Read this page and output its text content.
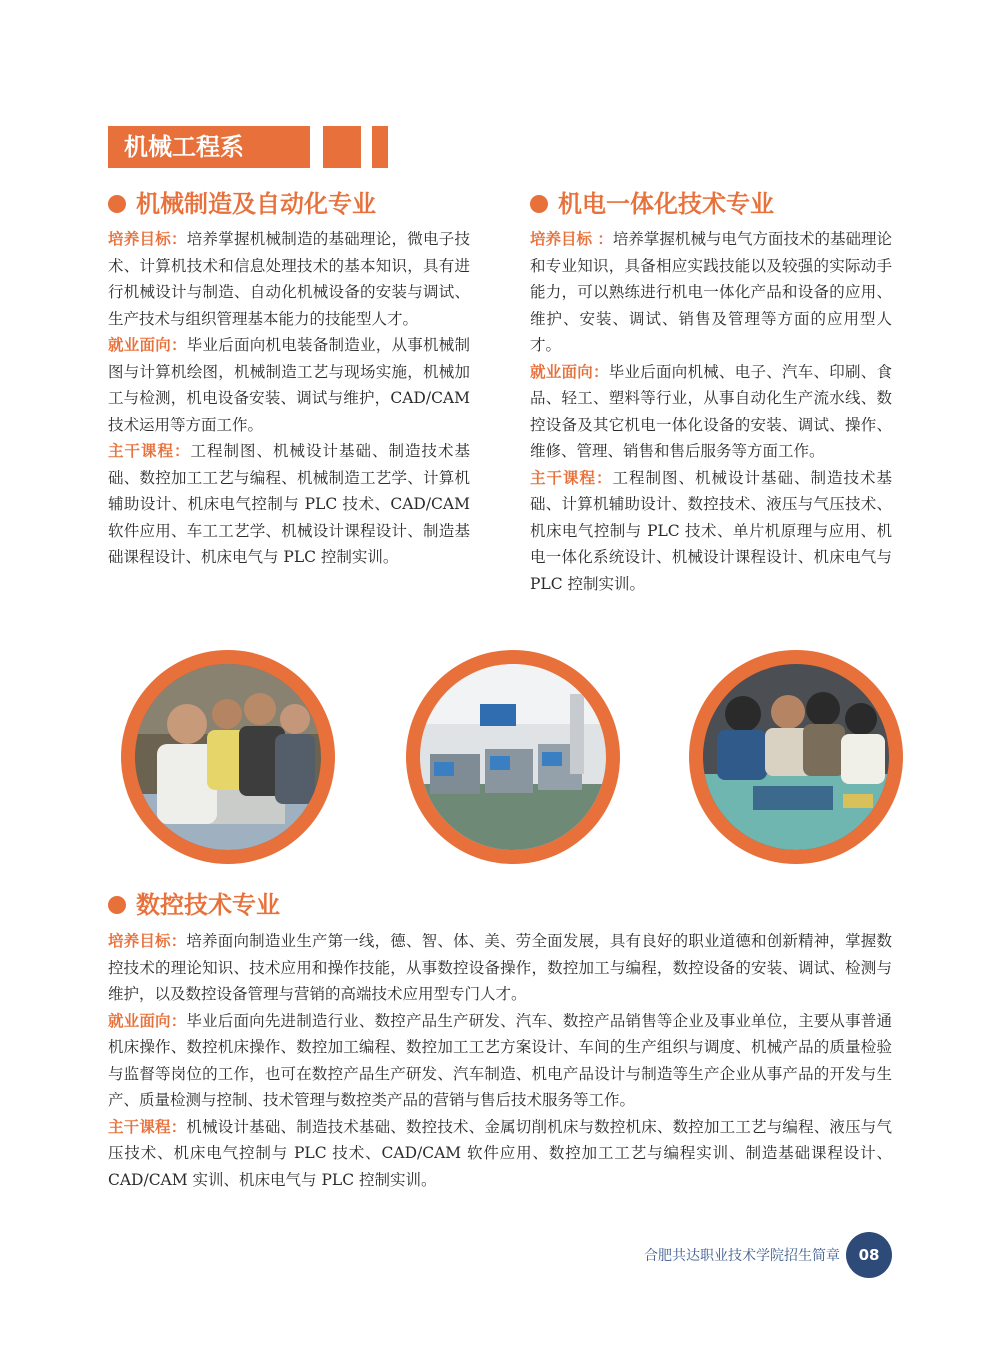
机械工程系
机械制造及自动化专业

培养目标：培养掌握机械制造的基础理论，微电子技术、计算机技术和信息处理技术的基本知识，具有进行机械设计与制造、自动化机械设备的安装与调试、生产技术与组织管理基本能力的技能型人才。

就业面向：毕业后面向机电装备制造业，从事机械制图与计算机绘图，机械制造工艺与现场实施，机械加工与检测，机电设备安装、调试与维护，CAD/CAM 技术运用等方面工作。

主干课程：工程制图、机械设计基础、制造技术基础、数控加工工艺与编程、机械制造工艺学、计算机辅助设计、机床电气控制与 PLC 技术、CAD/CAM 软件应用、车工工艺学、机械设计课程设计、制造基础课程设计、机床电气与 PLC 控制实训。

机电一体化技术专业

培养目标 ：培养掌握机械与电气方面技术的基础理论和专业知识，具备相应实践技能以及较强的实际动手能力，可以熟练进行机电一体化产品和设备的应用、维护、安装、调试、销售及管理等方面的应用型人才。

就业面向：毕业后面向机械、电子、汽车、印刷、食品、轻工、塑料等行业，从事自动化生产流水线、数控设备及其它机电一体化设备的安装、调试、操作、维修、管理、销售和售后服务等方面工作。

主干课程：工程制图、机械设计基础、制造技术基础、计算机辅助设计、数控技术、液压与气压技术、机床电气控制与 PLC 技术、单片机原理与应用、机电一体化系统设计、机械设计课程设计、机床电气与 PLC 控制实训。

数控技术专业

培养目标：培养面向制造业生产第一线，德、智、体、美、劳全面发展，具有良好的职业道德和创新精神，掌握数控技术的理论知识、技术应用和操作技能，从事数控设备操作，数控加工与编程，数控设备的安装、调试、检测与维护，以及数控设备管理与营销的高端技术应用型专门人才。

就业面向：毕业后面向先进制造行业、数控产品生产研发、汽车、数控产品销售等企业及事业单位，主要从事普通机床操作、数控机床操作、数控加工编程、数控加工工艺方案设计、车间的生产组织与调度、机械产品的质量检验与监督等岗位的工作，也可在数控产品生产研发、汽车制造、机电产品设计与制造等生产企业从事产品的开发与生产、质量检测与控制、技术管理与数控类产品的营销与售后技术服务等工作。

主干课程：机械设计基础、制造技术基础、数控技术、金属切削机床与数控机床、数控加工工艺与编程、液压与气压技术、机床电气控制与 PLC 技术、CAD/CAM 软件应用、数控加工工艺与编程实训、制造基础课程设计、CAD/CAM 实训、机床电气与 PLC 控制实训。

合肥共达职业技术学院招生简章	08
